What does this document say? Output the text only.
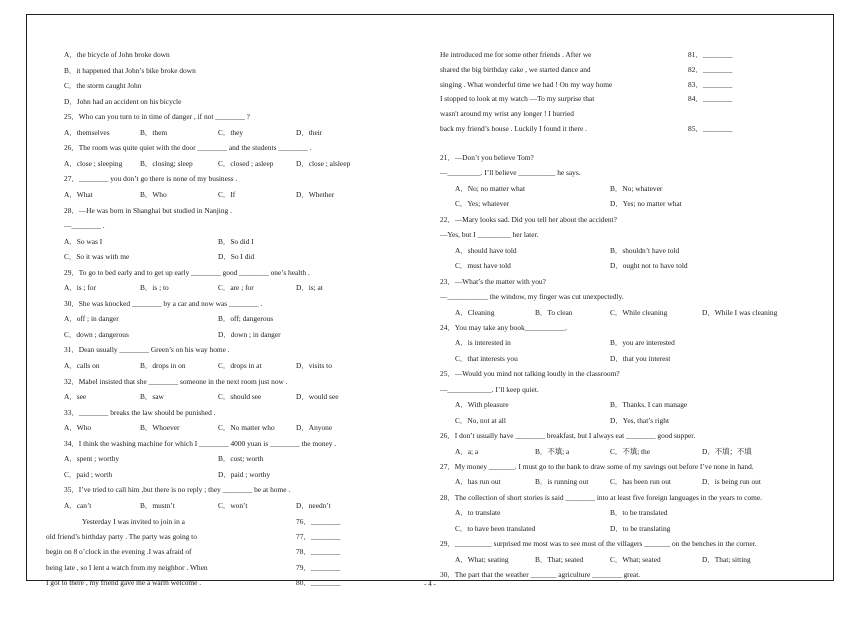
A．the bicycle of John broke down
B．it happened that John’s bike broke down
C．the storm caught John
D．John had an accident on his bicycle
25．Who can you turn to in time of danger , if not ________ ?
A．themselves	B．them	C．they	D．their
26．The room was quite quiet with the door ________ and the students ________ .
A．close ; sleeping B．closing; sleep	C．closed ; asleep	D．close ; alsleep
27．________ you don’t go there is none of my business .
A．What	B．Who	C．If	D．Whether
28．—He was born in Shanghai but studied in Nanjing .
—________ .
A．So was I	B．So did I
C．So it was with me	D．So I did
29．To go to bed early and to get up early ________ good ________ one’s health .
A．is ; for	B．is ; to	C．are ; for	D．is; at
30．She was knocked ________ by a car and now was ________ .
A．off ; in danger	B．off; dangerous
C．down ; dangerous	D．down ; in danger
31．Dean usually ________ Green’s on his way home .
A．calls on	B．drops in on	C．drops in at	D．visits to
32．Mabel insisted that she ________ someone in the next room just now .
A．see	B．saw	C．should see	D．would see
33．________ breaks the law should be punished .
A．Who	B．Whoever	C．No matter who	D．Anyone
34．I think the washing machine for which I ________ 4000 yuan is ________ the money .
A．spent ; worthy	B．cost; worth
C．paid ; worth	D．paid ; worthy
35．I’ve tried to call him ,but there is no reply ; they ________ be at home .
A．can’t	B．mustn’t	C．won’t	D．needn’t
Yesterday I was invited to join in a	76．________
old friend’s birthday party . The party was going to	77．________
begin on 8 o’clock in the evening .I was afraid of	78．________
being late , so I lent a watch from my neighbor . When	79．________
I got to there , my friend gave me a warm welcome .	80．________
He introduced me for some other friends . After we	81．________
shared the big birthday cake , we started dance and	82．________
singing . What wonderful time we had ! On my way home	83．________
I stopped to look at my watch —To my surprise that	84．________
wasn't around my wrist any longer ! I hurried
back my friend’s house . Luckily I found it there .	85．________
21．—Don’t you believe Tom?
—_________. I’ll believe __________ he says.
A．No; no matter what	B．No; whatever
C．Yes; whatever	D．Yes; no matter what
22．—Mary looks sad. Did you tell her about the accident?
—Yes, but I _________ her later.
A．should have told	B．shouldn’t have told
C．must have told	D．ought not to have told
23．—What’s the matter with you?
—___________ the window, my finger was cut unexpectedly.
A．Cleaning	B．To clean	C．While cleaning	D．While I was cleaning
24．You may take any book___________.
A．is interested in	B．you are interested
C．that interests you	D．that you interest
25．—Would you mind not talking loudly in the classroom?
—____________. I’ll keep quiet.
A．With pleasure	B．Thanks. I can manage
C．No, not at all	D．Yes, that’s right
26．I don’t usually have ________ breakfast, but I always eat ________ good supper.
A．a; a	B．不填; a	C．不填; the	D．不填；不填
27．My money _______. I must go to the bank to draw some of my savings out before I’ve none in hand.
A．has run out	B．is running out	C．has been run out	D．is being run out
28．The collection of short stories is said ________ into at least five foreign languages in the years to come.
A．to translate	B．to be translated
C．to have been translated	D．to be translating
29．__________ surprised me most was to see most of the villagers _______ on the benches in the corner.
A．What; seating	B．That; seated	C．What; seated	D．That; sitting
30．The part that the weather _______ agriculture ________ great.
- 4 -
